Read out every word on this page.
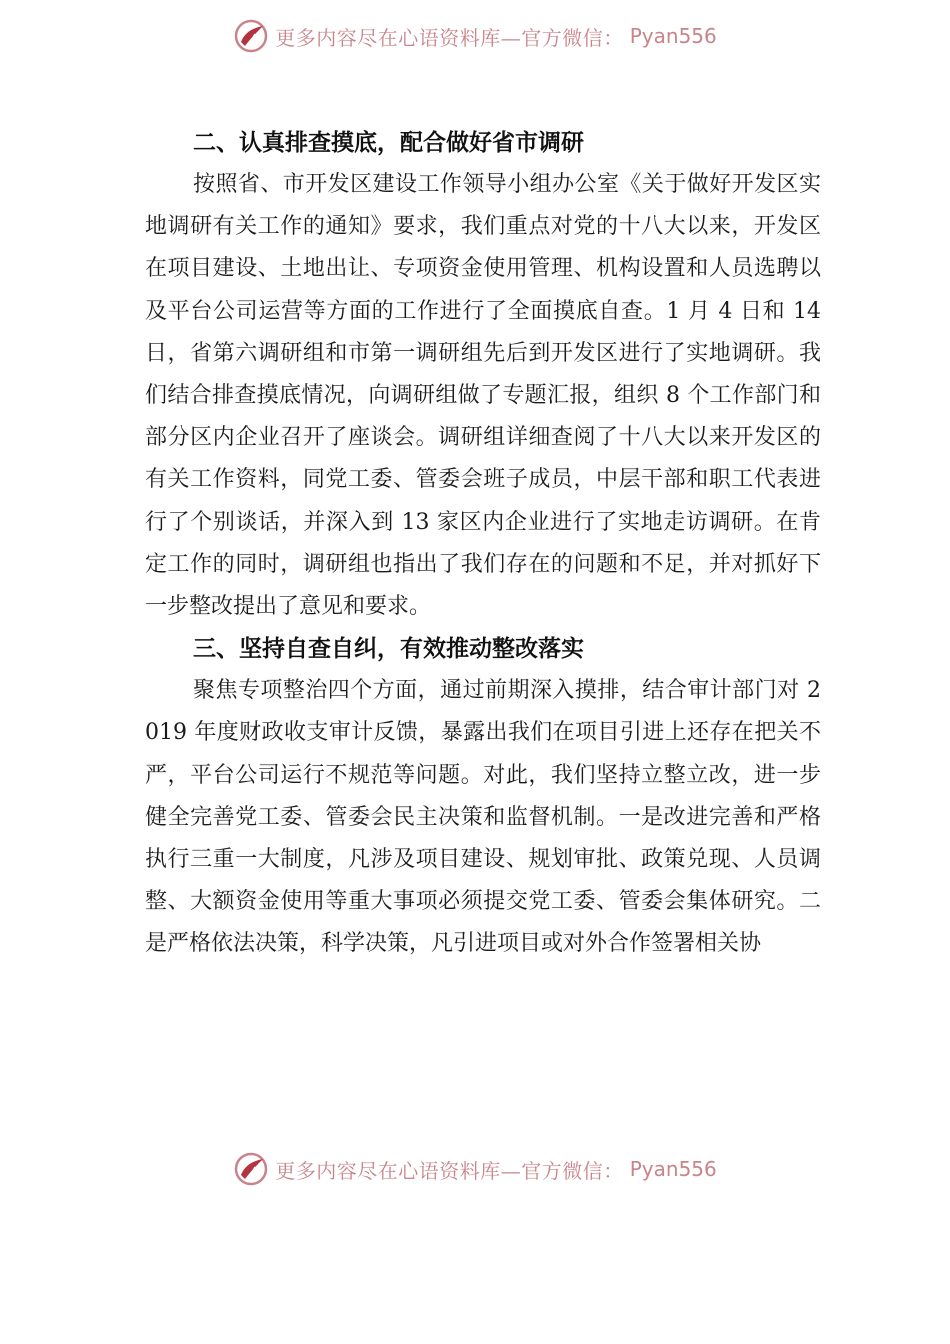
更多内容尽在心语资料库—官方微信： Pyan556
二、认真排查摸底，配合做好省市调研

按照省、市开发区建设工作领导小组办公室《关于做好开发区实地调研有关工作的通知》要求，我们重点对党的十八大以来，开发区在项目建设、土地出让、专项资金使用管理、机构设置和人员选聘以及平台公司运营等方面的工作进行了全面摸底自查。1 月 4 日和 14 日，省第六调研组和市第一调研组先后到开发区进行了实地调研。我们结合排查摸底情况，向调研组做了专题汇报，组织 8 个工作部门和部分区内企业召开了座谈会。调研组详细查阅了十八大以来开发区的有关工作资料，同党工委、管委会班子成员，中层干部和职工代表进行了个别谈话，并深入到 13 家区内企业进行了实地走访调研。在肯定工作的同时，调研组也指出了我们存在的问题和不足，并对抓好下一步整改提出了意见和要求。

三、坚持自查自纠，有效推动整改落实

聚焦专项整治四个方面，通过前期深入摸排，结合审计部门对 2019 年度财政收支审计反馈，暴露出我们在项目引进上还存在把关不严，平台公司运行不规范等问题。对此，我们坚持立整立改，进一步健全完善党工委、管委会民主决策和监督机制。一是改进完善和严格执行三重一大制度，凡涉及项目建设、规划审批、政策兑现、人员调整、大额资金使用等重大事项必须提交党工委、管委会集体研究。二是严格依法决策，科学决策，凡引进项目或对外合作签署相关协

更多内容尽在心语资料库—官方微信： Pyan556
